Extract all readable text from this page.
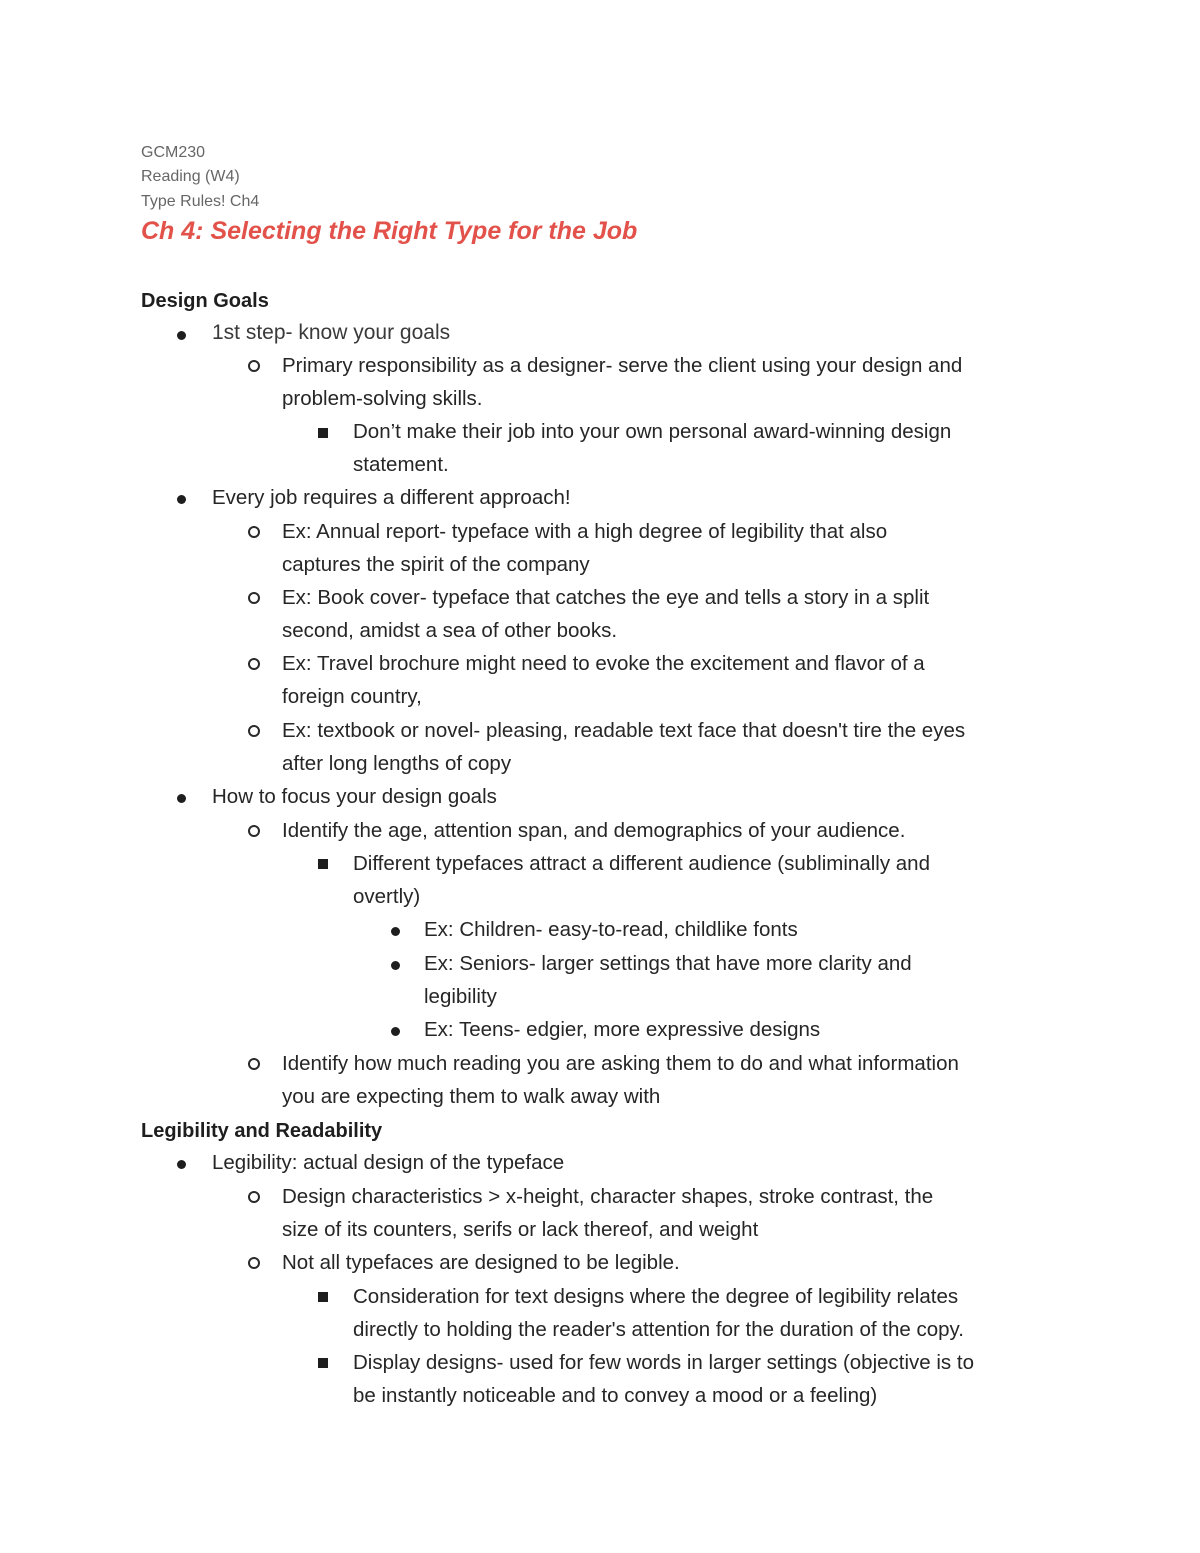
GCM230
Reading (W4)
Type Rules! Ch4
Ch 4: Selecting the Right Type for the Job
Design Goals
1st step- know your goals
Primary responsibility as a designer- serve the client using your design and
problem-solving skills.
Don’t make their job into your own personal award-winning design
statement.
Every job requires a different approach!
Ex: Annual report- typeface with a high degree of legibility that also
captures the spirit of the company
Ex: Book cover- typeface that catches the eye and tells a story in a split
second, amidst a sea of other books.
Ex: Travel brochure might need to evoke the excitement and flavor of a
foreign country,
Ex: textbook or novel- pleasing, readable text face that doesn't tire the eyes
after long lengths of copy
How to focus your design goals
Identify the age, attention span, and demographics of your audience.
Different typefaces attract a different audience (subliminally and
overtly)
Ex: Children- easy-to-read, childlike fonts
Ex: Seniors- larger settings that have more clarity and
legibility
Ex: Teens- edgier, more expressive designs
Identify how much reading you are asking them to do and what information
you are expecting them to walk away with
Legibility and Readability
Legibility: actual design of the typeface
Design characteristics > x-height, character shapes, stroke contrast, the
size of its counters, serifs or lack thereof, and weight
Not all typefaces are designed to be legible.
Consideration for text designs where the degree of legibility relates
directly to holding the reader's attention for the duration of the copy.
Display designs- used for few words in larger settings (objective is to
be instantly noticeable and to convey a mood or a feeling)
